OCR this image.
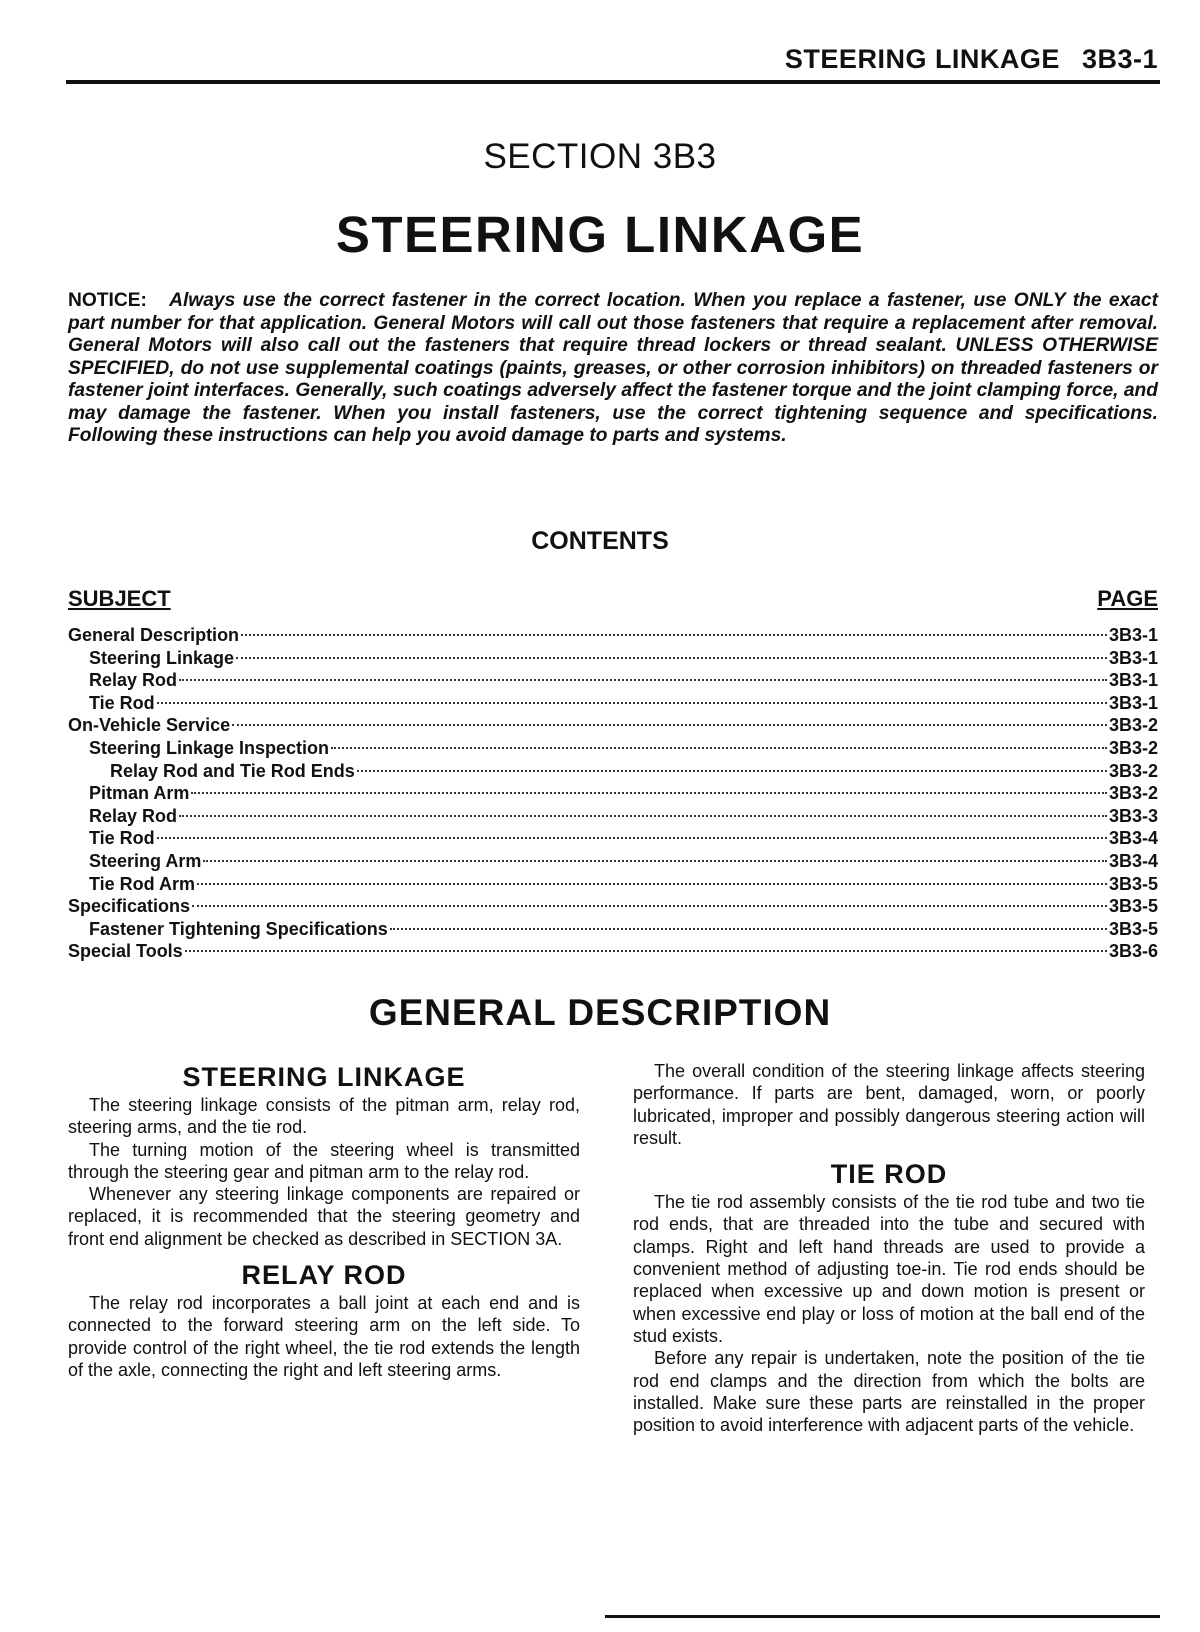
STEERING LINKAGE 3B3-1
SECTION 3B3
STEERING LINKAGE
NOTICE: Always use the correct fastener in the correct location. When you replace a fastener, use ONLY the exact part number for that application. General Motors will call out those fasteners that require a replacement after removal. General Motors will also call out the fasteners that require thread lockers or thread sealant. UNLESS OTHERWISE SPECIFIED, do not use supplemental coatings (paints, greases, or other corrosion inhibitors) on threaded fasteners or fastener joint interfaces. Generally, such coatings adversely affect the fastener torque and the joint clamping force, and may damage the fastener. When you install fasteners, use the correct tightening sequence and specifications. Following these instructions can help you avoid damage to parts and systems.
CONTENTS
SUBJECT	PAGE
General Description	3B3-1
Steering Linkage	3B3-1
Relay Rod	3B3-1
Tie Rod	3B3-1
On-Vehicle Service	3B3-2
Steering Linkage Inspection	3B3-2
Relay Rod and Tie Rod Ends	3B3-2
Pitman Arm	3B3-2
Relay Rod	3B3-3
Tie Rod	3B3-4
Steering Arm	3B3-4
Tie Rod Arm	3B3-5
Specifications	3B3-5
Fastener Tightening Specifications	3B3-5
Special Tools	3B3-6
GENERAL DESCRIPTION
STEERING LINKAGE

The steering linkage consists of the pitman arm, relay rod, steering arms, and the tie rod.

The turning motion of the steering wheel is transmitted through the steering gear and pitman arm to the relay rod.

Whenever any steering linkage components are repaired or replaced, it is recommended that the steering geometry and front end alignment be checked as described in SECTION 3A.

RELAY ROD

The relay rod incorporates a ball joint at each end and is connected to the forward steering arm on the left side. To provide control of the right wheel, the tie rod extends the length of the axle, connecting the right and left steering arms.

The overall condition of the steering linkage affects steering performance. If parts are bent, damaged, worn, or poorly lubricated, improper and possibly dangerous steering action will result.

TIE ROD

The tie rod assembly consists of the tie rod tube and two tie rod ends, that are threaded into the tube and secured with clamps. Right and left hand threads are used to provide a convenient method of adjusting toe-in. Tie rod ends should be replaced when excessive up and down motion is present or when excessive end play or loss of motion at the ball end of the stud exists.

Before any repair is undertaken, note the position of the tie rod end clamps and the direction from which the bolts are installed. Make sure these parts are reinstalled in the proper position to avoid interference with adjacent parts of the vehicle.
